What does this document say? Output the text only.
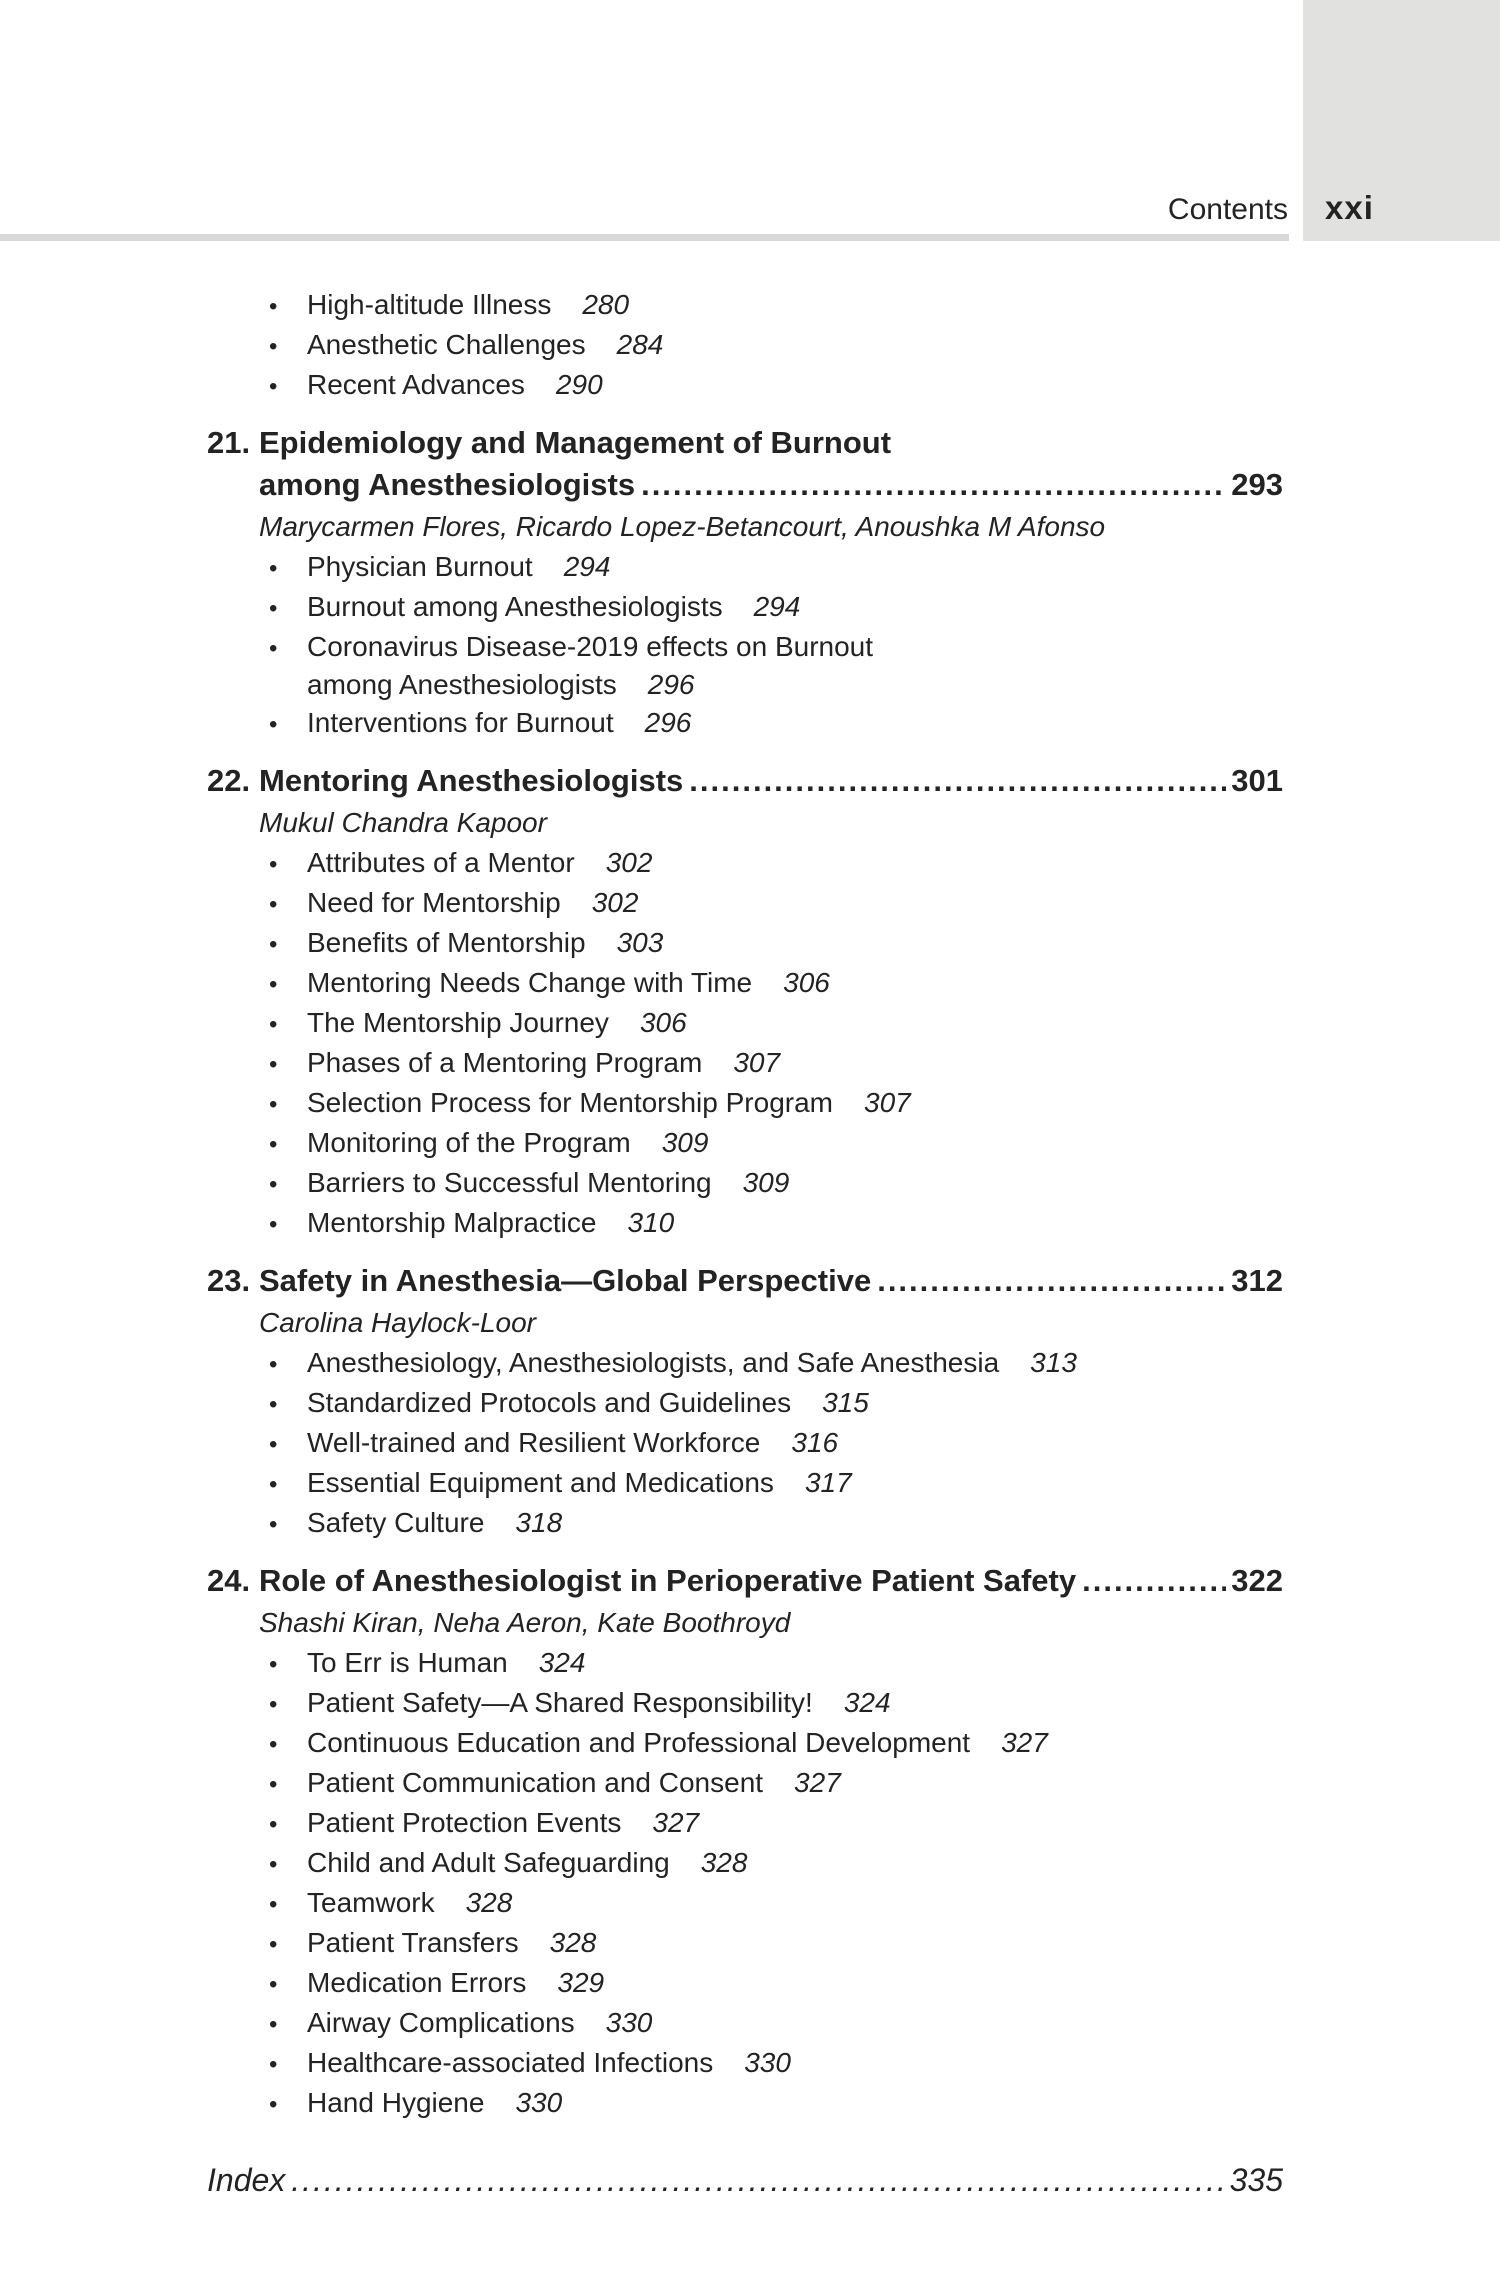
Contents xxi
•	High-altitude Illness 280
•	Anesthetic Challenges 284
•	Recent Advances 290
21. Epidemiology and Management of Burnout
among Anesthesiologists .....	293
Marycarmen Flores, Ricardo Lopez-Betancourt, Anoushka M Afonso
•	Physician Burnout 294
•	Burnout among Anesthesiologists 294
•	Coronavirus Disease-2019 effects on Burnout
among Anesthesiologists 296
•	Interventions for Burnout 296
22. Mentoring Anesthesiologists .....	301
Mukul Chandra Kapoor
•	Attributes of a Mentor 302
•	Need for Mentorship 302
•	Benefits of Mentorship 303
•	Mentoring Needs Change with Time 306
•	The Mentorship Journey 306
•	Phases of a Mentoring Program 307
•	Selection Process for Mentorship Program 307
•	Monitoring of the Program 309
•	Barriers to Successful Mentoring 309
•	Mentorship Malpractice 310
23. Safety in Anesthesia—Global Perspective .....	312
Carolina Haylock-Loor
•	Anesthesiology, Anesthesiologists, and Safe Anesthesia 313
•	Standardized Protocols and Guidelines 315
•	Well-trained and Resilient Workforce 316
•	Essential Equipment and Medications 317
•	Safety Culture 318
24. Role of Anesthesiologist in Perioperative Patient Safety .....	322
Shashi Kiran, Neha Aeron, Kate Boothroyd
•	To Err is Human 324
•	Patient Safety—A Shared Responsibility! 324
•	Continuous Education and Professional Development 327
•	Patient Communication and Consent 327
•	Patient Protection Events 327
•	Child and Adult Safeguarding 328
•	Teamwork 328
•	Patient Transfers 328
•	Medication Errors 329
•	Airway Complications 330
•	Healthcare-associated Infections 330
•	Hand Hygiene 330
Index .....	335
